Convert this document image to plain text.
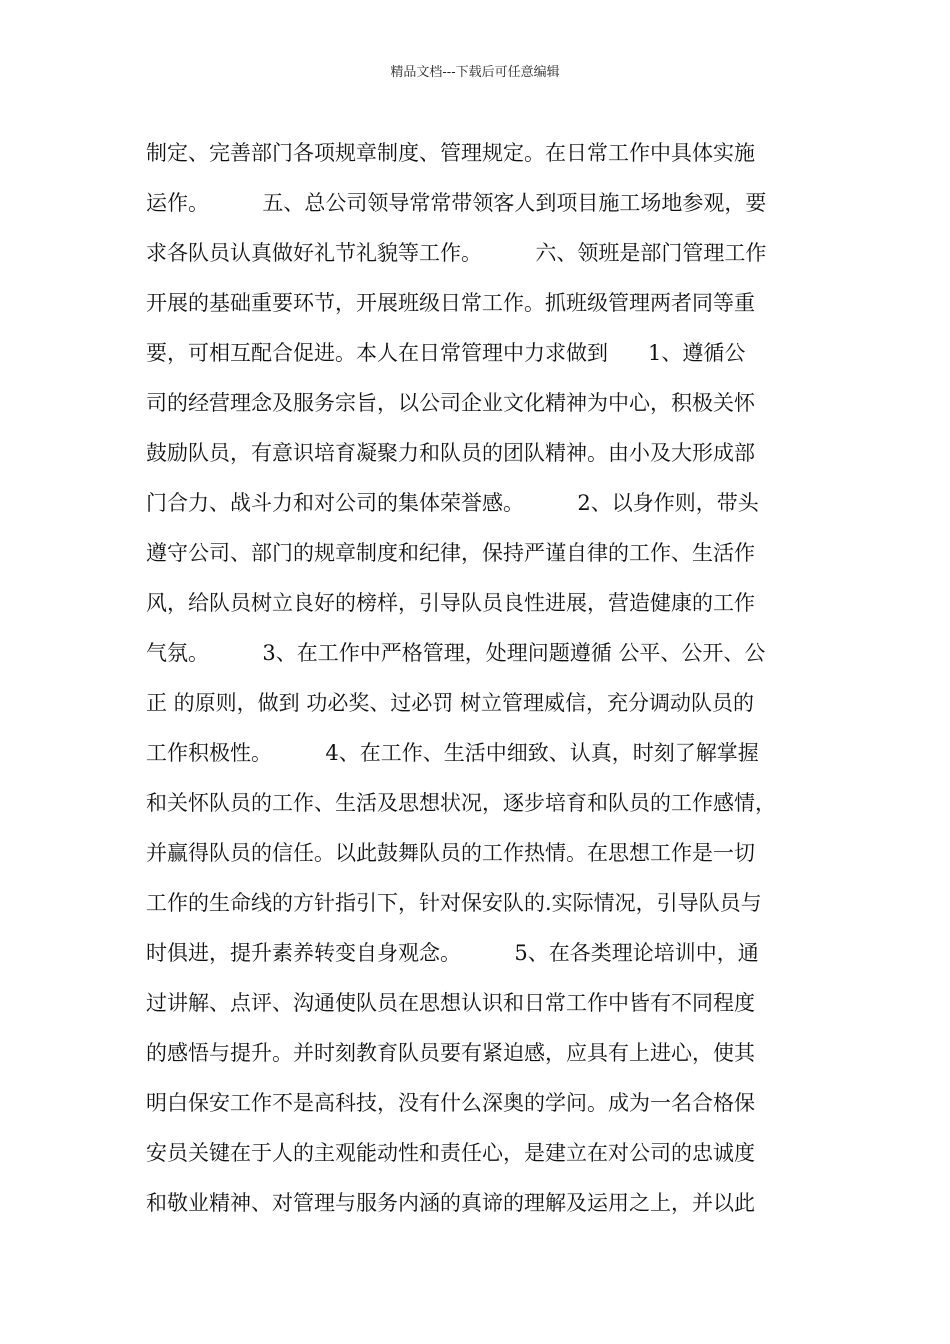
精品文档---下载后可任意编辑
制定、完善部门各项规章制度、管理规定。在日常工作中具体实施
运作。        五、总公司领导常常带领客人到项目施工场地参观，要
求各队员认真做好礼节礼貌等工作。        六、领班是部门管理工作
开展的基础重要环节，开展班级日常工作。抓班级管理两者同等重
要，可相互配合促进。本人在日常管理中力求做到      1、遵循公
司的经营理念及服务宗旨，以公司企业文化精神为中心，积极关怀
鼓励队员，有意识培育凝聚力和队员的团队精神。由小及大形成部
门合力、战斗力和对公司的集体荣誉感。        2、以身作则，带头
遵守公司、部门的规章制度和纪律，保持严谨自律的工作、生活作
风，给队员树立良好的榜样，引导队员良性进展，营造健康的工作
气氛。        3、在工作中严格管理，处理问题遵循 公平、公开、公
正 的原则，做到 功必奖、过必罚 树立管理威信，充分调动队员的
工作积极性。        4、在工作、生活中细致、认真，时刻了解掌握
和关怀队员的工作、生活及思想状况，逐步培育和队员的工作感情，
并赢得队员的信任。以此鼓舞队员的工作热情。在思想工作是一切
工作的生命线的方针指引下，针对保安队的.实际情况，引导队员与
时俱进，提升素养转变自身观念。        5、在各类理论培训中，通
过讲解、点评、沟通使队员在思想认识和日常工作中皆有不同程度
的感悟与提升。并时刻教育队员要有紧迫感，应具有上进心，使其
明白保安工作不是高科技，没有什么深奥的学问。成为一名合格保
安员关键在于人的主观能动性和责任心，是建立在对公司的忠诚度
和敬业精神、对管理与服务内涵的真谛的理解及运用之上，并以此
